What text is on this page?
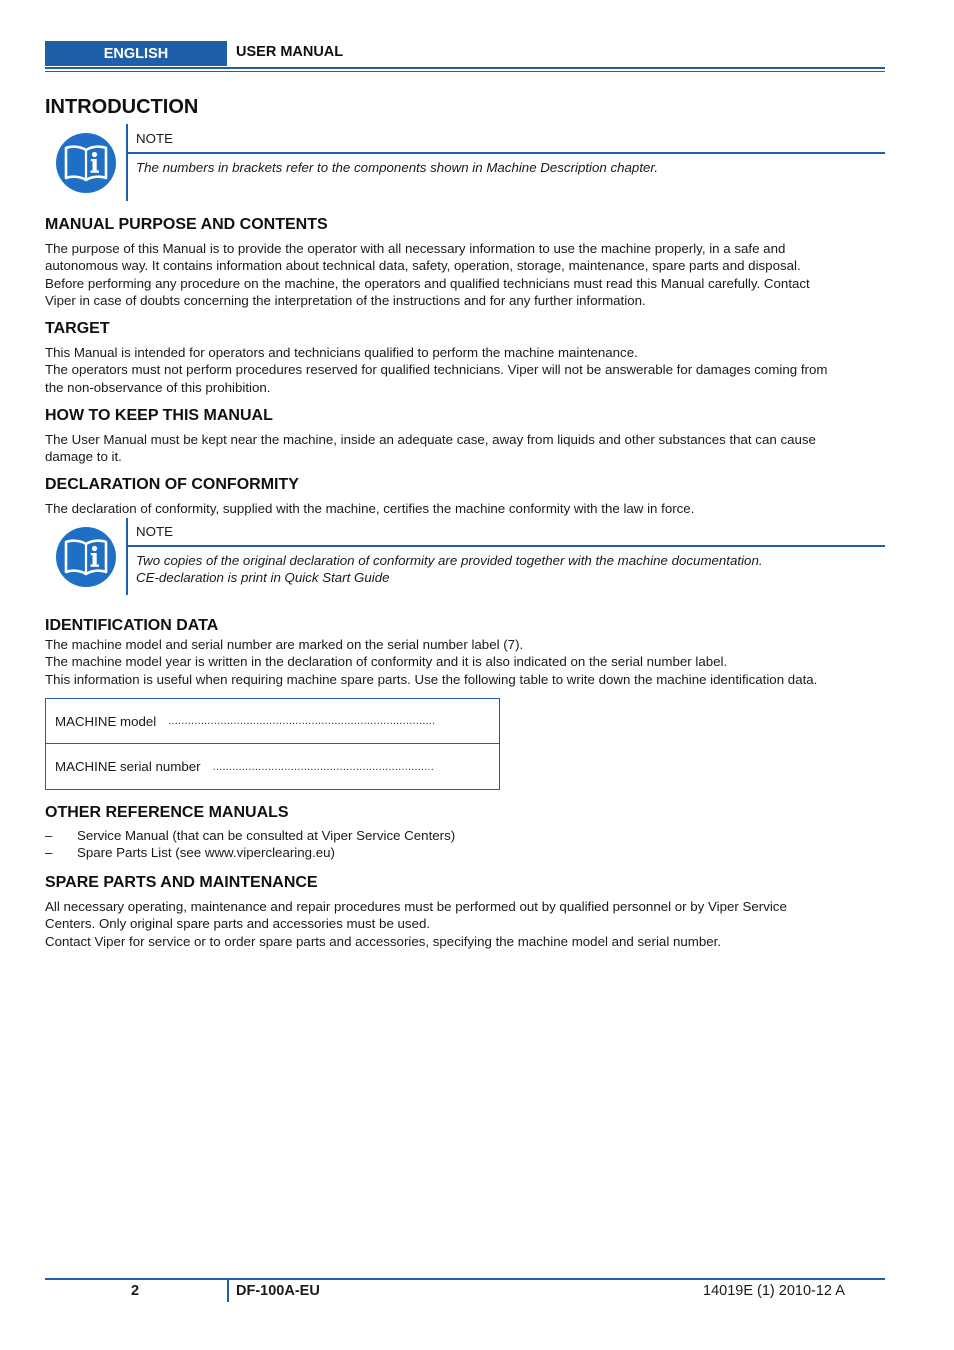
ENGLISH	USER MANUAL
INTRODUCTION
NOTE
The numbers in brackets refer to the components shown in Machine Description chapter.
MANUAL PURPOSE AND CONTENTS

The purpose of this Manual is to provide the operator with all necessary information to use the machine properly, in a safe and
autonomous way. It contains information about technical data, safety, operation, storage, maintenance, spare parts and disposal.
Before performing any procedure on the machine, the operators and qualified technicians must read this Manual carefully. Contact
Viper in case of doubts concerning the interpretation of the instructions and for any further information.

TARGET

This Manual is intended for operators and technicians qualified to perform the machine maintenance.
The operators must not perform procedures reserved for qualified technicians. Viper will not be answerable for damages coming from
the non-observance of this prohibition.

HOW TO KEEP THIS MANUAL

The User Manual must be kept near the machine, inside an adequate case, away from liquids and other substances that can cause
damage to it.

DECLARATION OF CONFORMITY

The declaration of conformity, supplied with the machine, certifies the machine conformity with the law in force.

NOTE
Two copies of the original declaration of conformity are provided together with the machine documentation.
CE-declaration is print in Quick Start Guide
IDENTIFICATION DATA

The machine model and serial number are marked on the serial number label (7).
The machine model year is written in the declaration of conformity and it is also indicated on the serial number label.
This information is useful when requiring machine spare parts. Use the following table to write down the machine identification data.

MACHINE model	..................................................................................
MACHINE serial number	....................................................................
OTHER REFERENCE MANUALS
– Service Manual (that can be consulted at Viper Service Centers)
– Spare Parts List (see www.viperclearing.eu)
SPARE PARTS AND MAINTENANCE

All necessary operating, maintenance and repair procedures must be performed out by qualified personnel or by Viper Service
Centers. Only original spare parts and accessories must be used.
Contact Viper for service or to order spare parts and accessories, specifying the machine model and serial number.

2	DF-100A-EU	14019E (1) 2010-12 A
